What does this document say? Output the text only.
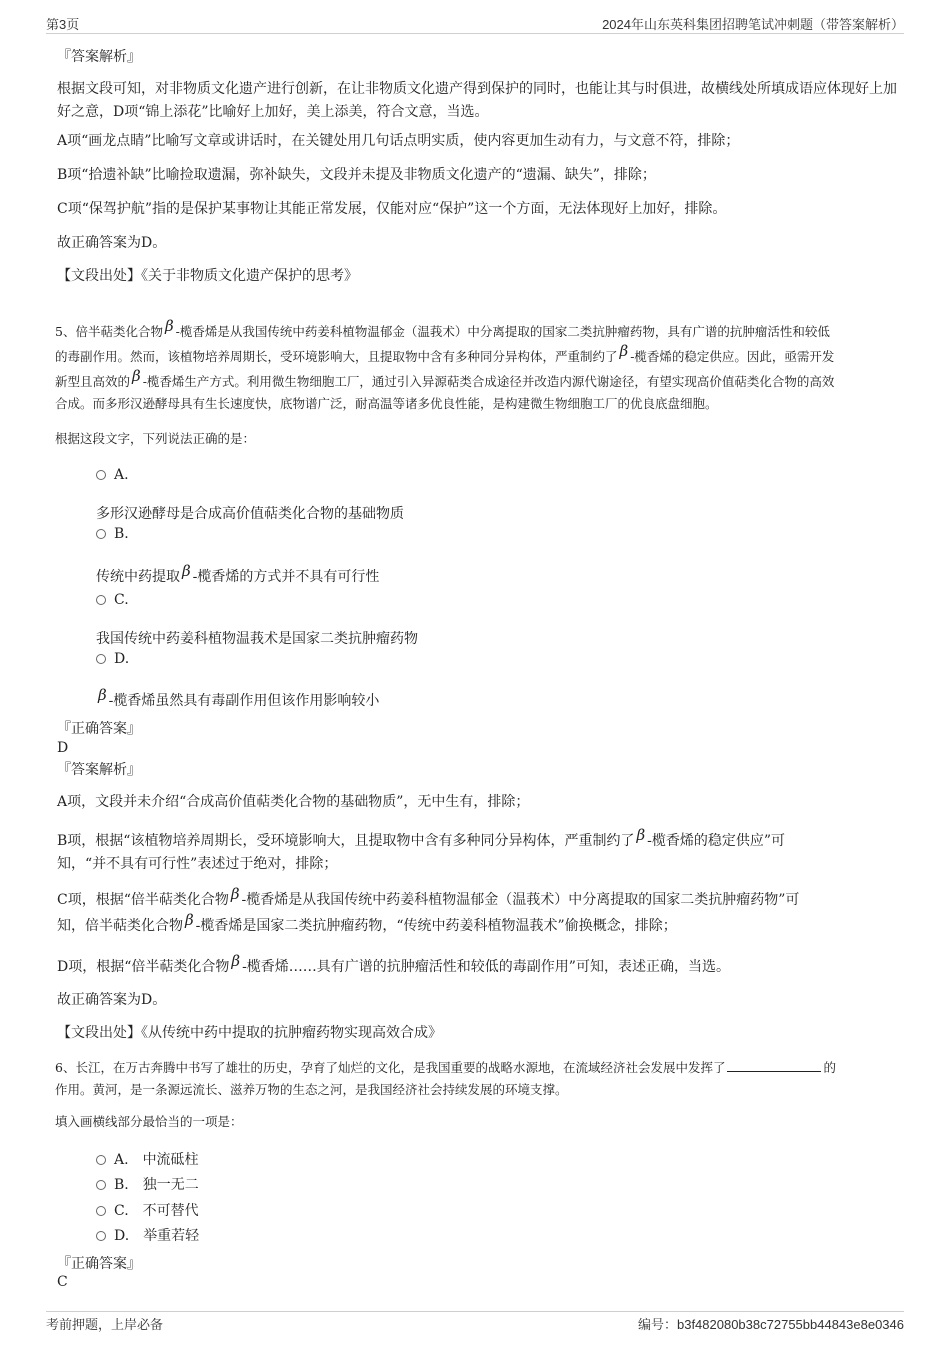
第3页	2024年山东英科集团招聘笔试冲刺题（带答案解析）
『答案解析』
根据文段可知，对非物质文化遗产进行创新，在让非物质文化遗产得到保护的同时，也能让其与时俱进，故横线处所填成语应体现好上加好之意，D项“锦上添花”比喻好上加好，美上添美，符合文意，当选。
A项“画龙点睛”比喻写文章或讲话时，在关键处用几句话点明实质，使内容更加生动有力，与文意不符，排除；
B项“拾遗补缺”比喻捡取遗漏，弥补缺失，文段并未提及非物质文化遗产的“遗漏、缺失”，排除；
C项“保驾护航”指的是保护某事物让其能正常发展，仅能对应“保护”这一个方面，无法体现好上加好，排除。
故正确答案为D。
【文段出处】《关于非物质文化遗产保护的思考》
5、倍半萜类化合物 β -榄香烯是从我国传统中药姜科植物温郁金（温莪术）中分离提取的国家二类抗肿瘤药物，具有广谱的抗肿瘤活性和较低
的毒副作用。然而，该植物培养周期长，受环境影响大，且提取物中含有多种同分异构体，严重制约了 β -榄香烯的稳定供应。因此，亟需开发
新型且高效的 β -榄香烯生产方式。利用微生物细胞工厂，通过引入异源萜类合成途径并改造内源代谢途径，有望实现高价值萜类化合物的高效
合成。而多形汉逊酵母具有生长速度快，底物谱广泛，耐高温等诸多优良性能，是构建微生物细胞工厂的优良底盘细胞。
根据这段文字，下列说法正确的是：
A.
多形汉逊酵母是合成高价值萜类化合物的基础物质
B.
传统中药提取 β -榄香烯的方式并不具有可行性
C.
我国传统中药姜科植物温莪术是国家二类抗肿瘤药物
D.
β -榄香烯虽然具有毒副作用但该作用影响较小
『正确答案』
D
『答案解析』
A项，文段并未介绍“合成高价值萜类化合物的基础物质”，无中生有，排除；
B项，根据“该植物培养周期长，受环境影响大，且提取物中含有多种同分异构体，严重制约了 β -榄香烯的稳定供应”可
知，“并不具有可行性”表述过于绝对，排除；
C项，根据“倍半萜类化合物 β -榄香烯是从我国传统中药姜科植物温郁金（温莪术）中分离提取的国家二类抗肿瘤药物”可
知，倍半萜类化合物 β -榄香烯是国家二类抗肿瘤药物，“传统中药姜科植物温莪术”偷换概念，排除；
D项，根据“倍半萜类化合物 β -榄香烯……具有广谱的抗肿瘤活性和较低的毒副作用”可知，表述正确，当选。
故正确答案为D。
【文段出处】《从传统中药中提取的抗肿瘤药物实现高效合成》
6、长江，在万古奔腾中书写了雄壮的历史，孕育了灿烂的文化，是我国重要的战略水源地，在流域经济社会发展中发挥了	的
作用。黄河，是一条源远流长、滋养万物的生态之河，是我国经济社会持续发展的环境支撑。
填入画横线部分最恰当的一项是：
A. 中流砥柱
B. 独一无二
C. 不可替代
D. 举重若轻
『正确答案』
C
考前押题，上岸必备	编号：b3f482080b38c72755bb44843e8e0346
